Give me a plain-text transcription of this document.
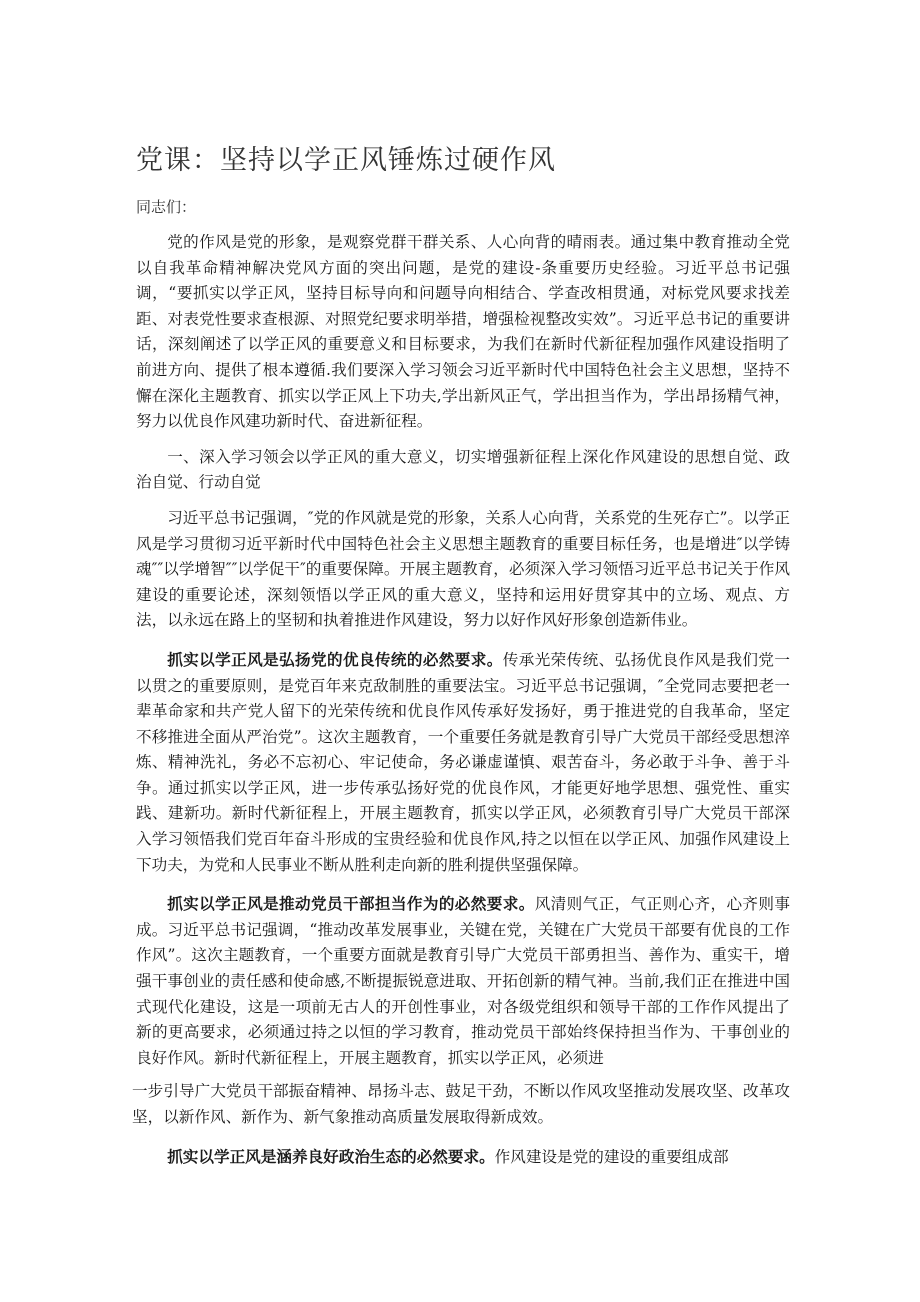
党课：坚持以学正风锤炼过硬作风
同志们：

党的作风是党的形象，是观察党群干群关系、人心向背的晴雨表。通过集中教育推动全党以自我革命精神解决党风方面的突出问题，是党的建设-条重要历史经验。习近平总书记强调，“要抓实以学正风，坚持目标导向和问题导向相结合、学查改相贯通，对标党风要求找差距、对表党性要求查根源、对照党纪要求明举措，增强检视整改实效”。习近平总书记的重要讲话，深刻阐述了以学正风的重要意义和目标要求，为我们在新时代新征程加强作风建设指明了前进方向、提供了根本遵循.我们要深入学习领会习近平新时代中国特色社会主义思想，坚持不懈在深化主题教育、抓实以学正风上下功夫,学出新风正气，学出担当作为，学出昂扬精气神，努力以优良作风建功新时代、奋进新征程。

一、深入学习领会以学正风的重大意义，切实增强新征程上深化作风建设的思想自觉、政治自觉、行动自觉

习近平总书记强调，″党的作风就是党的形象，关系人心向背，关系党的生死存亡”。以学正风是学习贯彻习近平新时代中国特色社会主义思想主题教育的重要目标任务，也是增进″以学铸魂″″以学增智″″以学促干″的重要保障。开展主题教育，必须深入学习领悟习近平总书记关于作风建设的重要论述，深刻领悟以学正风的重大意义，坚持和运用好贯穿其中的立场、观点、方法，以永远在路上的坚韧和执着推进作风建设，努力以好作风好形象创造新伟业。

抓实以学正风是弘扬党的优良传统的必然要求。传承光荣传统、弘扬优良作风是我们党一以贯之的重要原则，是党百年来克敌制胜的重要法宝。习近平总书记强调，″全党同志要把老一辈革命家和共产党人留下的光荣传统和优良作风传承好发扬好，勇于推进党的自我革命，坚定不移推进全面从严治党”。这次主题教育，一个重要任务就是教育引导广大党员干部经受思想淬炼、精神洗礼，务必不忘初心、牢记使命，务必谦虚谨慎、艰苦奋斗，务必敢于斗争、善于斗争。通过抓实以学正风，进一步传承弘扬好党的优良作风，才能更好地学思想、强党性、重实践、建新功。新时代新征程上，开展主题教育，抓实以学正风，必须教育引导广大党员干部深入学习领悟我们党百年奋斗形成的宝贵经验和优良作风,持之以恒在以学正风、加强作风建设上下功夫，为党和人民事业不断从胜利走向新的胜利提供坚强保障。

抓实以学正风是推动党员干部担当作为的必然要求。风清则气正，气正则心齐，心齐则事成。习近平总书记强调，“推动改革发展事业，关键在党，关键在广大党员干部要有优良的工作作风”。这次主题教育，一个重要方面就是教育引导广大党员干部勇担当、善作为、重实干，增强干事创业的责任感和使命感,不断提振锐意进取、开拓创新的精气神。当前,我们正在推进中国式现代化建设，这是一项前无古人的开创性事业，对各级党组织和领导干部的工作作风提出了新的更高要求，必须通过持之以恒的学习教育，推动党员干部始终保持担当作为、干事创业的良好作风。新时代新征程上，开展主题教育，抓实以学正风，必须进

一步引导广大党员干部振奋精神、昂扬斗志、鼓足干劲，不断以作风攻坚推动发展攻坚、改革攻坚，以新作风、新作为、新气象推动高质量发展取得新成效。

抓实以学正风是涵养良好政治生态的必然要求。作风建设是党的建设的重要组成部
